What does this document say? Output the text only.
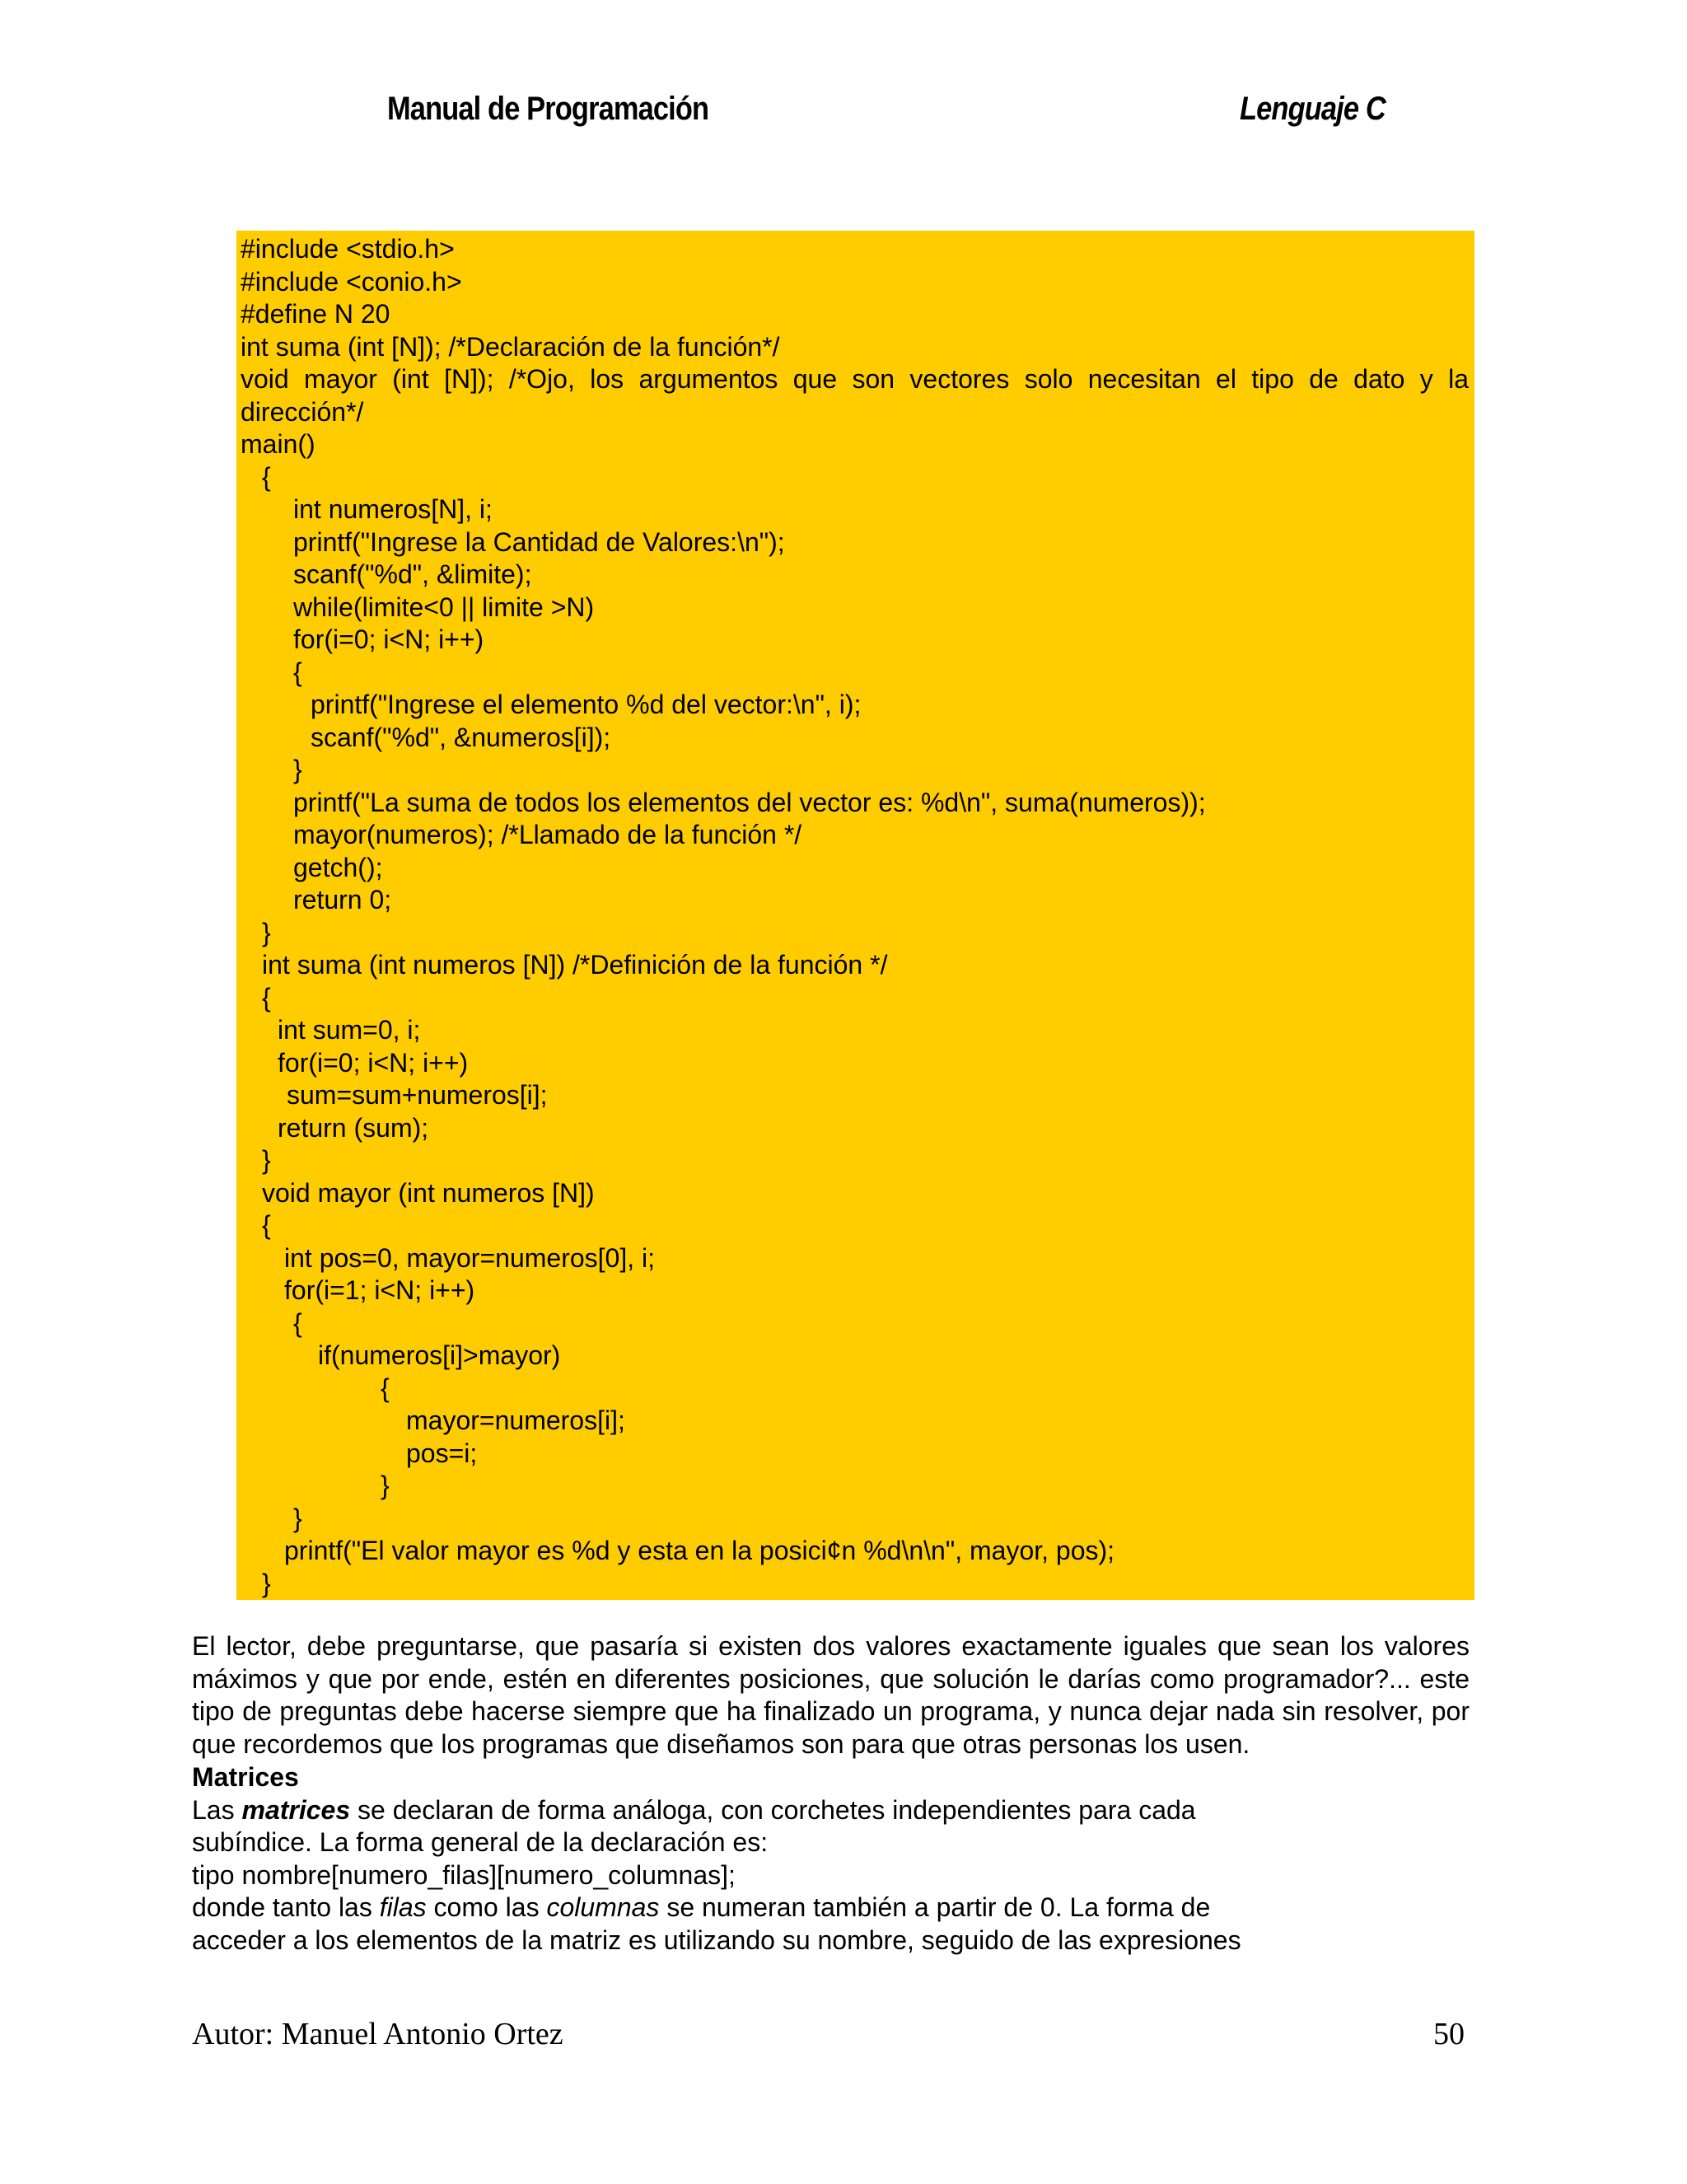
Manual de Programación	Lenguaje C
#include <stdio.h>
#include <conio.h>
#define N 20
int suma (int [N]); /*Declaración de la función*/
void mayor (int [N]); /*Ojo, los argumentos que son vectores solo necesitan el tipo de dato y la
dirección*/
main()
{
int numeros[N], i;
printf("Ingrese la Cantidad de Valores:\n");
scanf("%d", &limite);
while(limite<0 || limite >N)
for(i=0; i<N; i++)
{
printf("Ingrese el elemento %d del vector:\n", i);
scanf("%d", &numeros[i]);
}
printf("La suma de todos los elementos del vector es: %d\n", suma(numeros));
mayor(numeros); /*Llamado de la función */
getch();
return 0;
}
int suma (int numeros [N]) /*Definición de la función */
{
int sum=0, i;
for(i=0; i<N; i++)
sum=sum+numeros[i];
return (sum);
}
void mayor (int numeros [N])
{
int pos=0, mayor=numeros[0], i;
for(i=1; i<N; i++)
{
if(numeros[i]>mayor)
{
mayor=numeros[i];
pos=i;
}
}
printf("El valor mayor es %d y esta en la posici¢n %d\n\n", mayor, pos);
}
El lector, debe preguntarse, que pasaría si existen dos valores exactamente iguales que sean los valores máximos y que por ende, estén en diferentes posiciones, que solución le darías como programador?... este tipo de preguntas debe hacerse siempre que ha finalizado un programa, y nunca dejar nada sin resolver, por que recordemos que los programas que diseñamos son para que otras personas los usen.
Matrices
Las matrices se declaran de forma análoga, con corchetes independientes para cada
subíndice. La forma general de la declaración es:
tipo nombre[numero_filas][numero_columnas];
donde tanto las filas como las columnas se numeran también a partir de 0. La forma de
acceder a los elementos de la matriz es utilizando su nombre, seguido de las expresiones
Autor: Manuel Antonio Ortez	50
